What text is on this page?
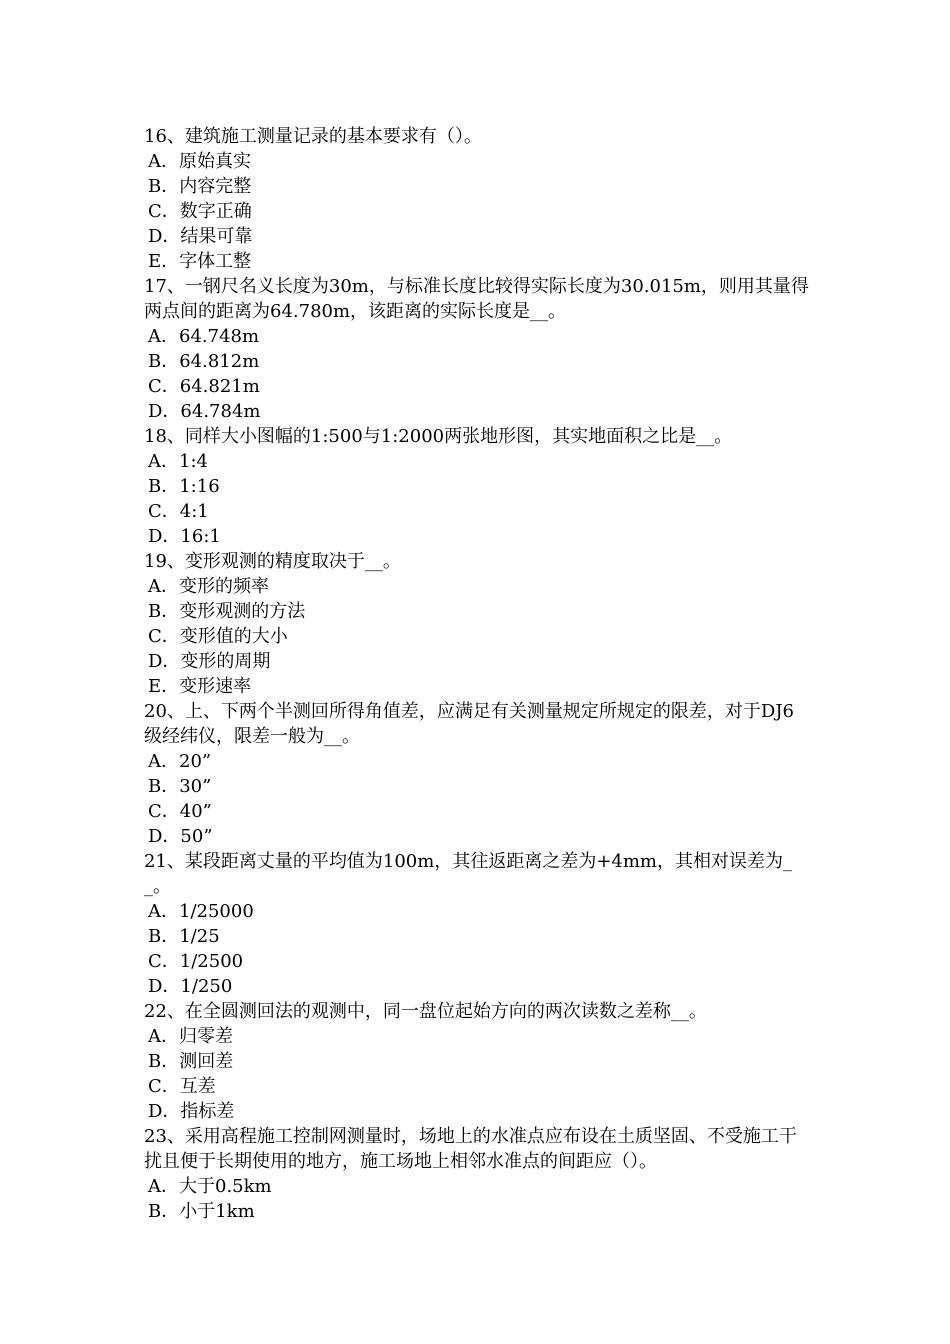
16、建筑施工测量记录的基本要求有（）。
A．原始真实
B．内容完整
C．数字正确
D．结果可靠
E．字体工整
17、一钢尺名义长度为30m，与标准长度比较得实际长度为30.015m，则用其量得两点间的距离为64.780m，该距离的实际长度是__。
A．64.748m
B．64.812m
C．64.821m
D．64.784m
18、同样大小图幅的1:500与1:2000两张地形图，其实地面积之比是__。
A．1:4
B．1:16
C．4:1
D．16:1
19、变形观测的精度取决于__。
A．变形的频率
B．变形观测的方法
C．变形值的大小
D．变形的周期
E．变形速率
20、上、下两个半测回所得角值差，应满足有关测量规定所规定的限差，对于DJ6级经纬仪，限差一般为__。
A．20”
B．30”
C．40”
D．50”
21、某段距离丈量的平均值为100m，其往返距离之差为+4mm，其相对误差为__。
A．1/25000
B．1/25
C．1/2500
D．1/250
22、在全圆测回法的观测中，同一盘位起始方向的两次读数之差称__。
A．归零差
B．测回差
C．互差
D．指标差
23、采用高程施工控制网测量时，场地上的水准点应布设在土质坚固、不受施工干扰且便于长期使用的地方，施工场地上相邻水准点的间距应（）。
A．大于0.5km
B．小于1km
